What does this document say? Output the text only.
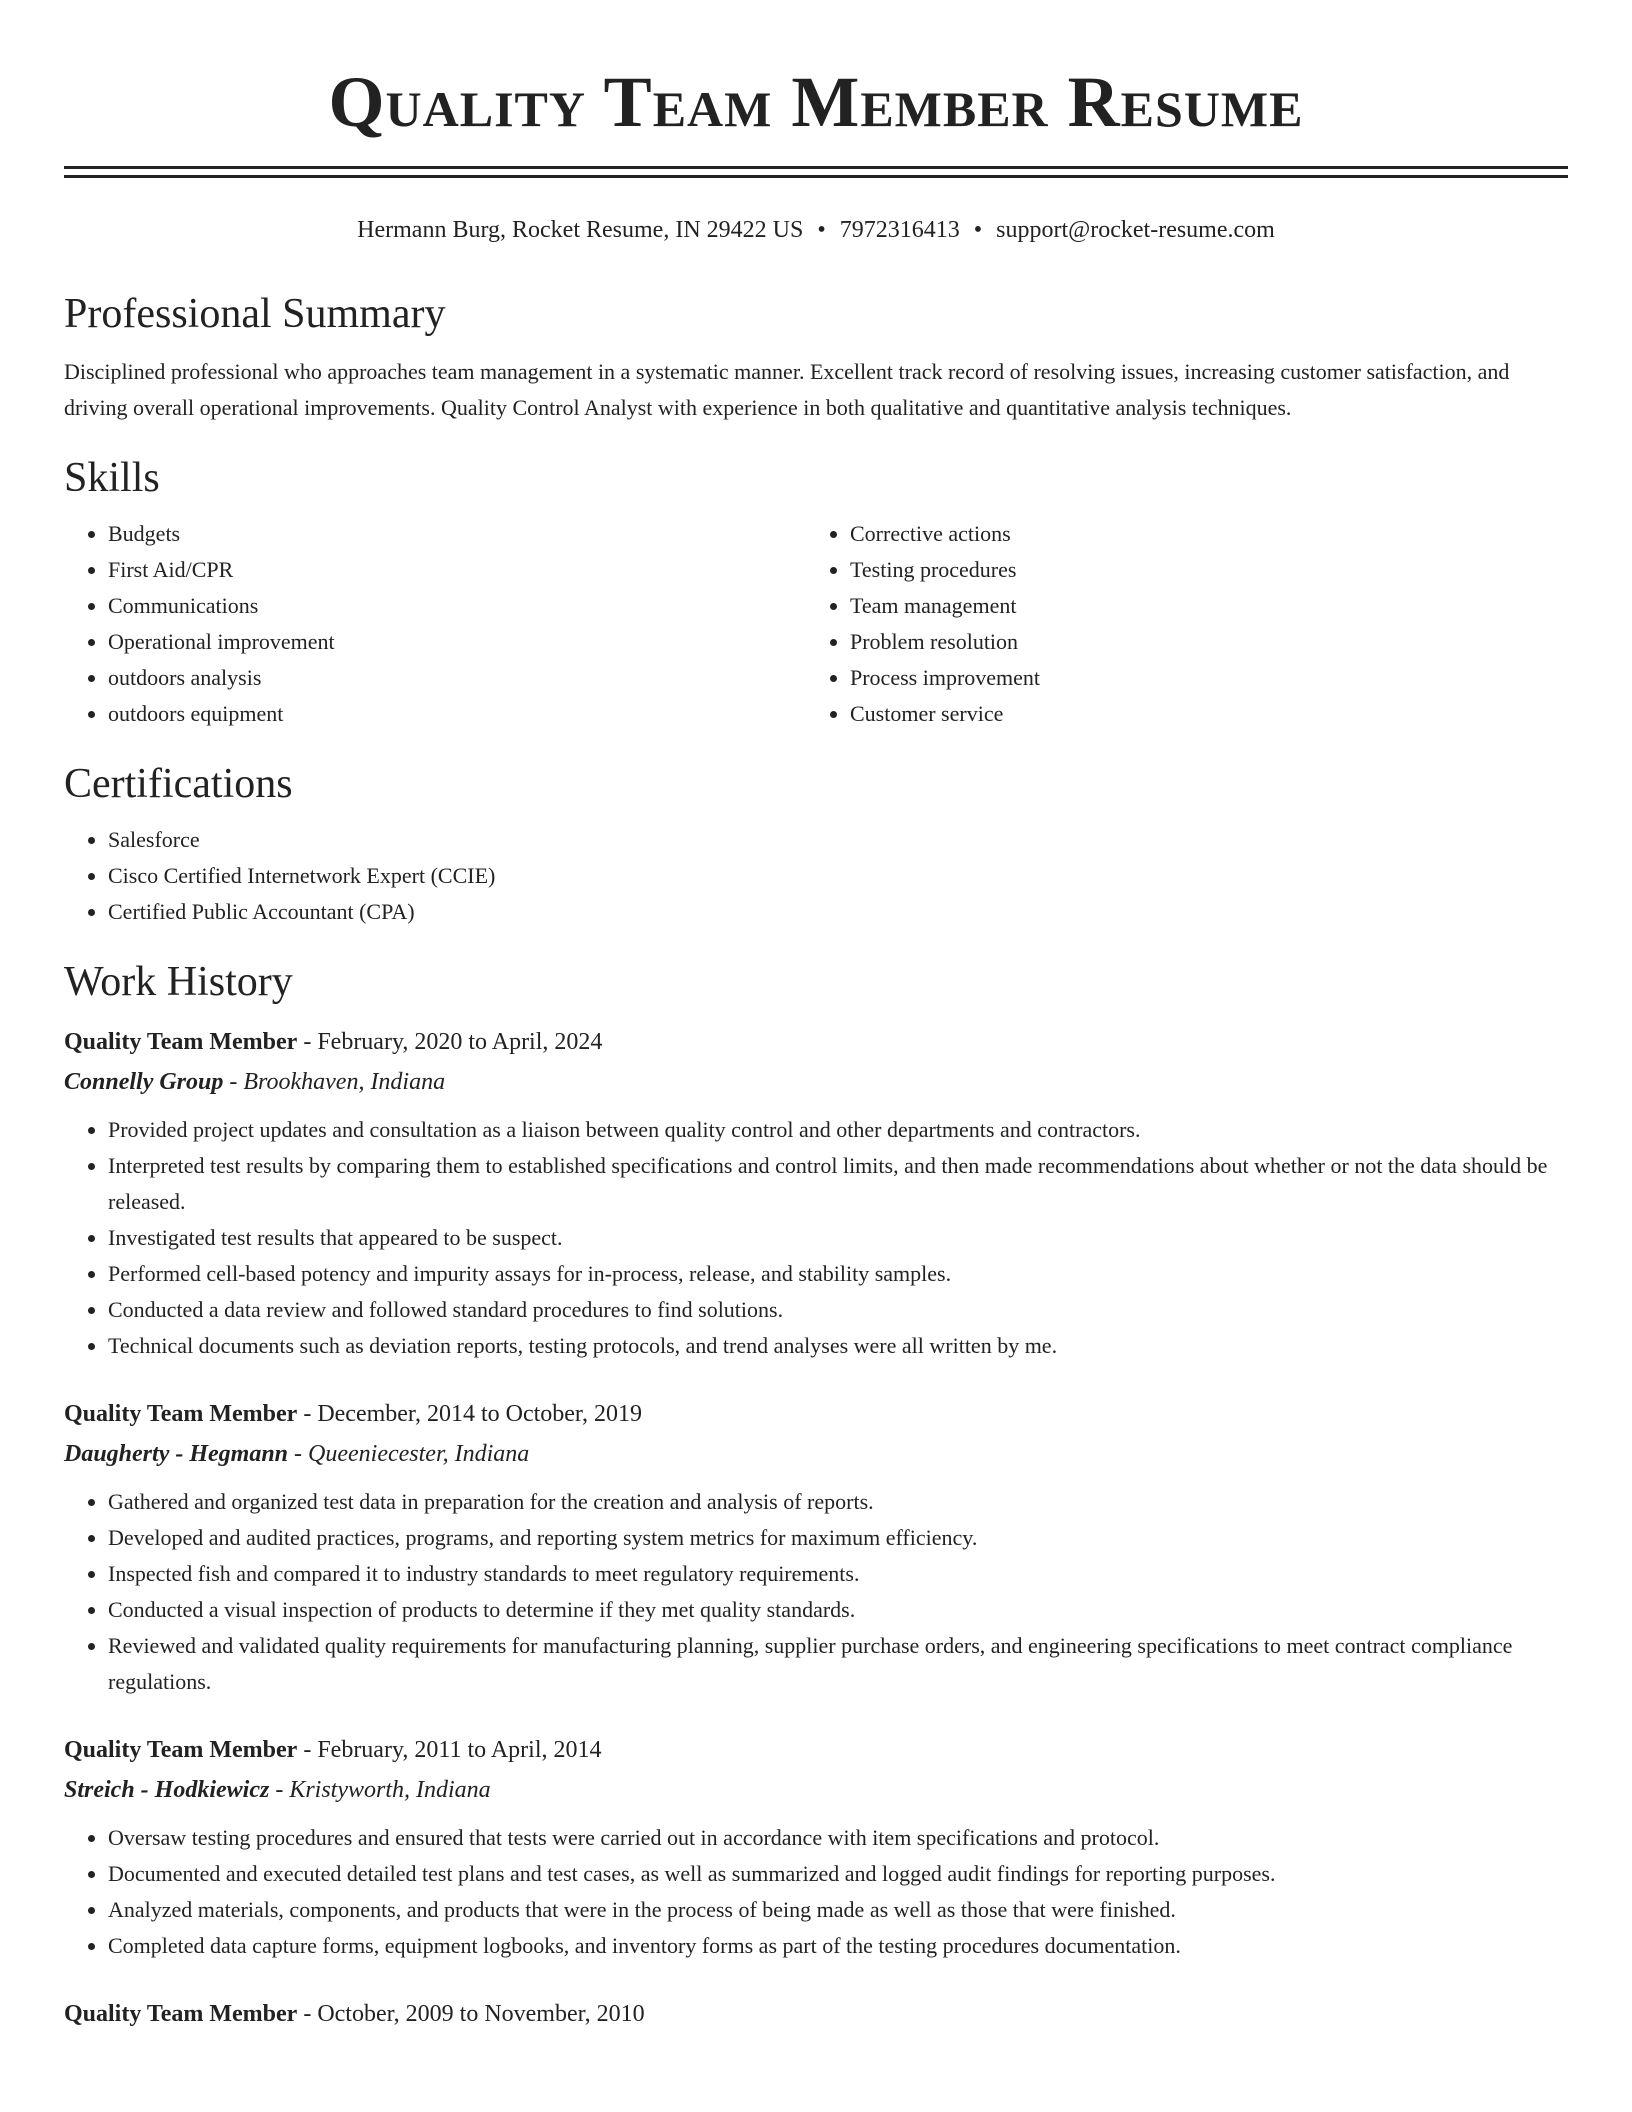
Quality Team Member Resume
Hermann Burg, Rocket Resume, IN 29422 US • 7972316413 • support@rocket-resume.com
Professional Summary

Disciplined professional who approaches team management in a systematic manner. Excellent track record of resolving issues, increasing customer satisfaction, and driving overall operational improvements. Quality Control Analyst with experience in both qualitative and quantitative analysis techniques.

Skills
• Budgets
• First Aid/CPR
• Communications
• Operational improvement
• outdoors analysis
• outdoors equipment
• Corrective actions
• Testing procedures
• Team management
• Problem resolution
• Process improvement
• Customer service
Certifications
• Salesforce
• Cisco Certified Internetwork Expert (CCIE)
• Certified Public Accountant (CPA)
Work History
Quality Team Member - February, 2020 to April, 2024
Connelly Group - Brookhaven, Indiana
• Provided project updates and consultation as a liaison between quality control and other departments and contractors.
• Interpreted test results by comparing them to established specifications and control limits, and then made recommendations about whether or not the data should be released.
• Investigated test results that appeared to be suspect.
• Performed cell-based potency and impurity assays for in-process, release, and stability samples.
• Conducted a data review and followed standard procedures to find solutions.
• Technical documents such as deviation reports, testing protocols, and trend analyses were all written by me.
Quality Team Member - December, 2014 to October, 2019
Daugherty - Hegmann - Queeniecester, Indiana
• Gathered and organized test data in preparation for the creation and analysis of reports.
• Developed and audited practices, programs, and reporting system metrics for maximum efficiency.
• Inspected fish and compared it to industry standards to meet regulatory requirements.
• Conducted a visual inspection of products to determine if they met quality standards.
• Reviewed and validated quality requirements for manufacturing planning, supplier purchase orders, and engineering specifications to meet contract compliance regulations.
Quality Team Member - February, 2011 to April, 2014
Streich - Hodkiewicz - Kristyworth, Indiana
• Oversaw testing procedures and ensured that tests were carried out in accordance with item specifications and protocol.
• Documented and executed detailed test plans and test cases, as well as summarized and logged audit findings for reporting purposes.
• Analyzed materials, components, and products that were in the process of being made as well as those that were finished.
• Completed data capture forms, equipment logbooks, and inventory forms as part of the testing procedures documentation.
Quality Team Member - October, 2009 to November, 2010
